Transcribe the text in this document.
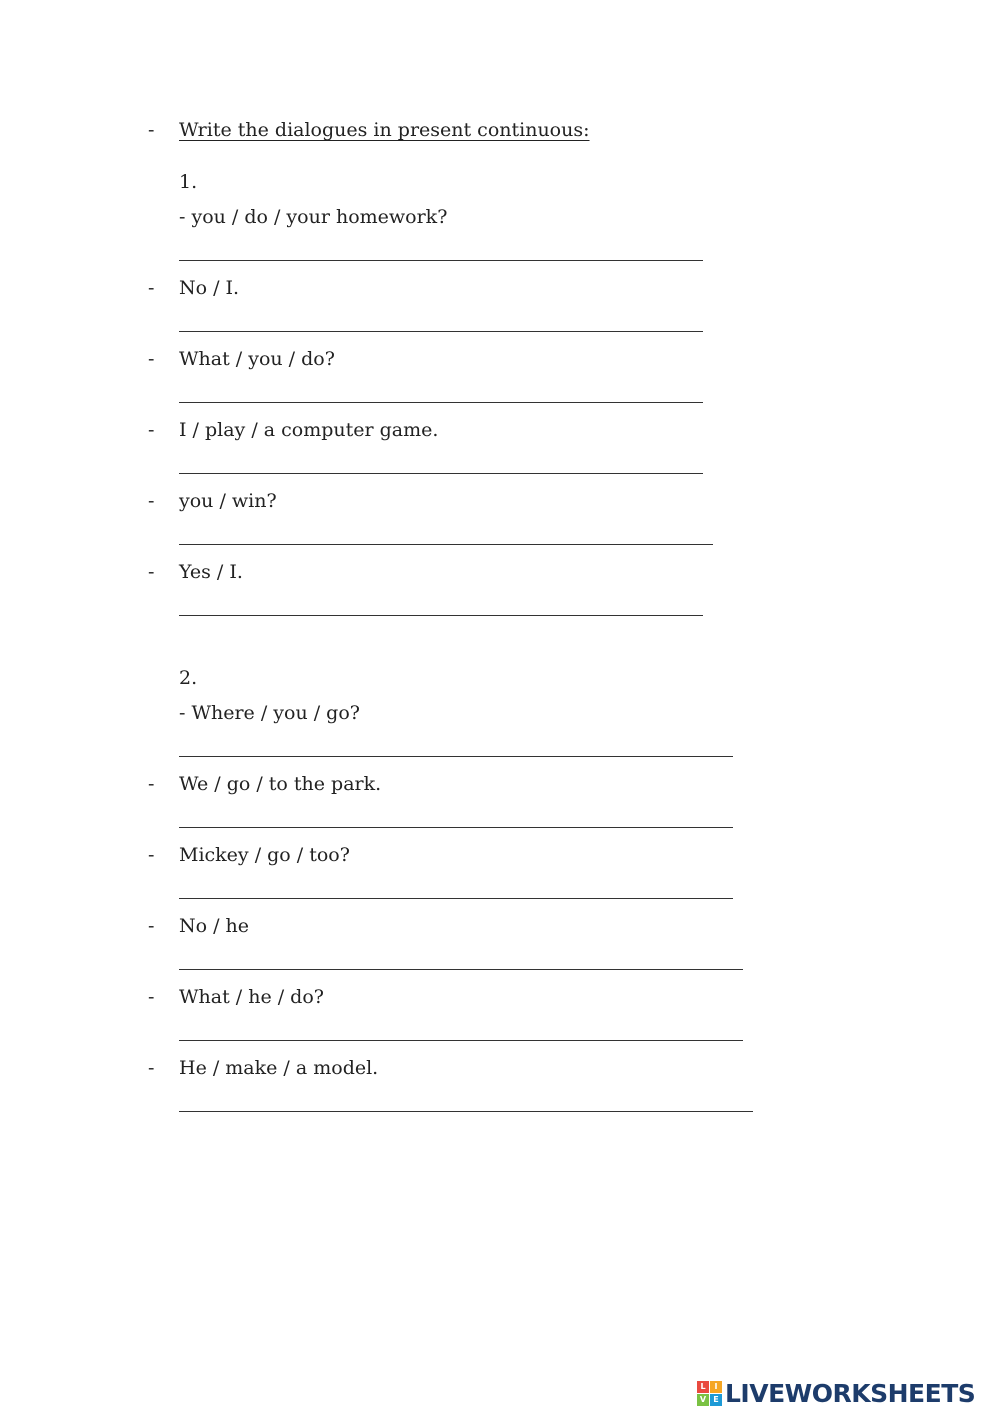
- Write the dialogues in present continuous:
1.
- you / do / your homework?
- No / I.
- What / you / do?
- I / play / a computer game.
- you / win?
- Yes / I.
2.
- Where / you / go?
- We / go / to the park.
- Mickey / go / too?
- No / he
- What / he / do?
- He / make / a model.
L	I
V E LIVEWORKSHEETS
